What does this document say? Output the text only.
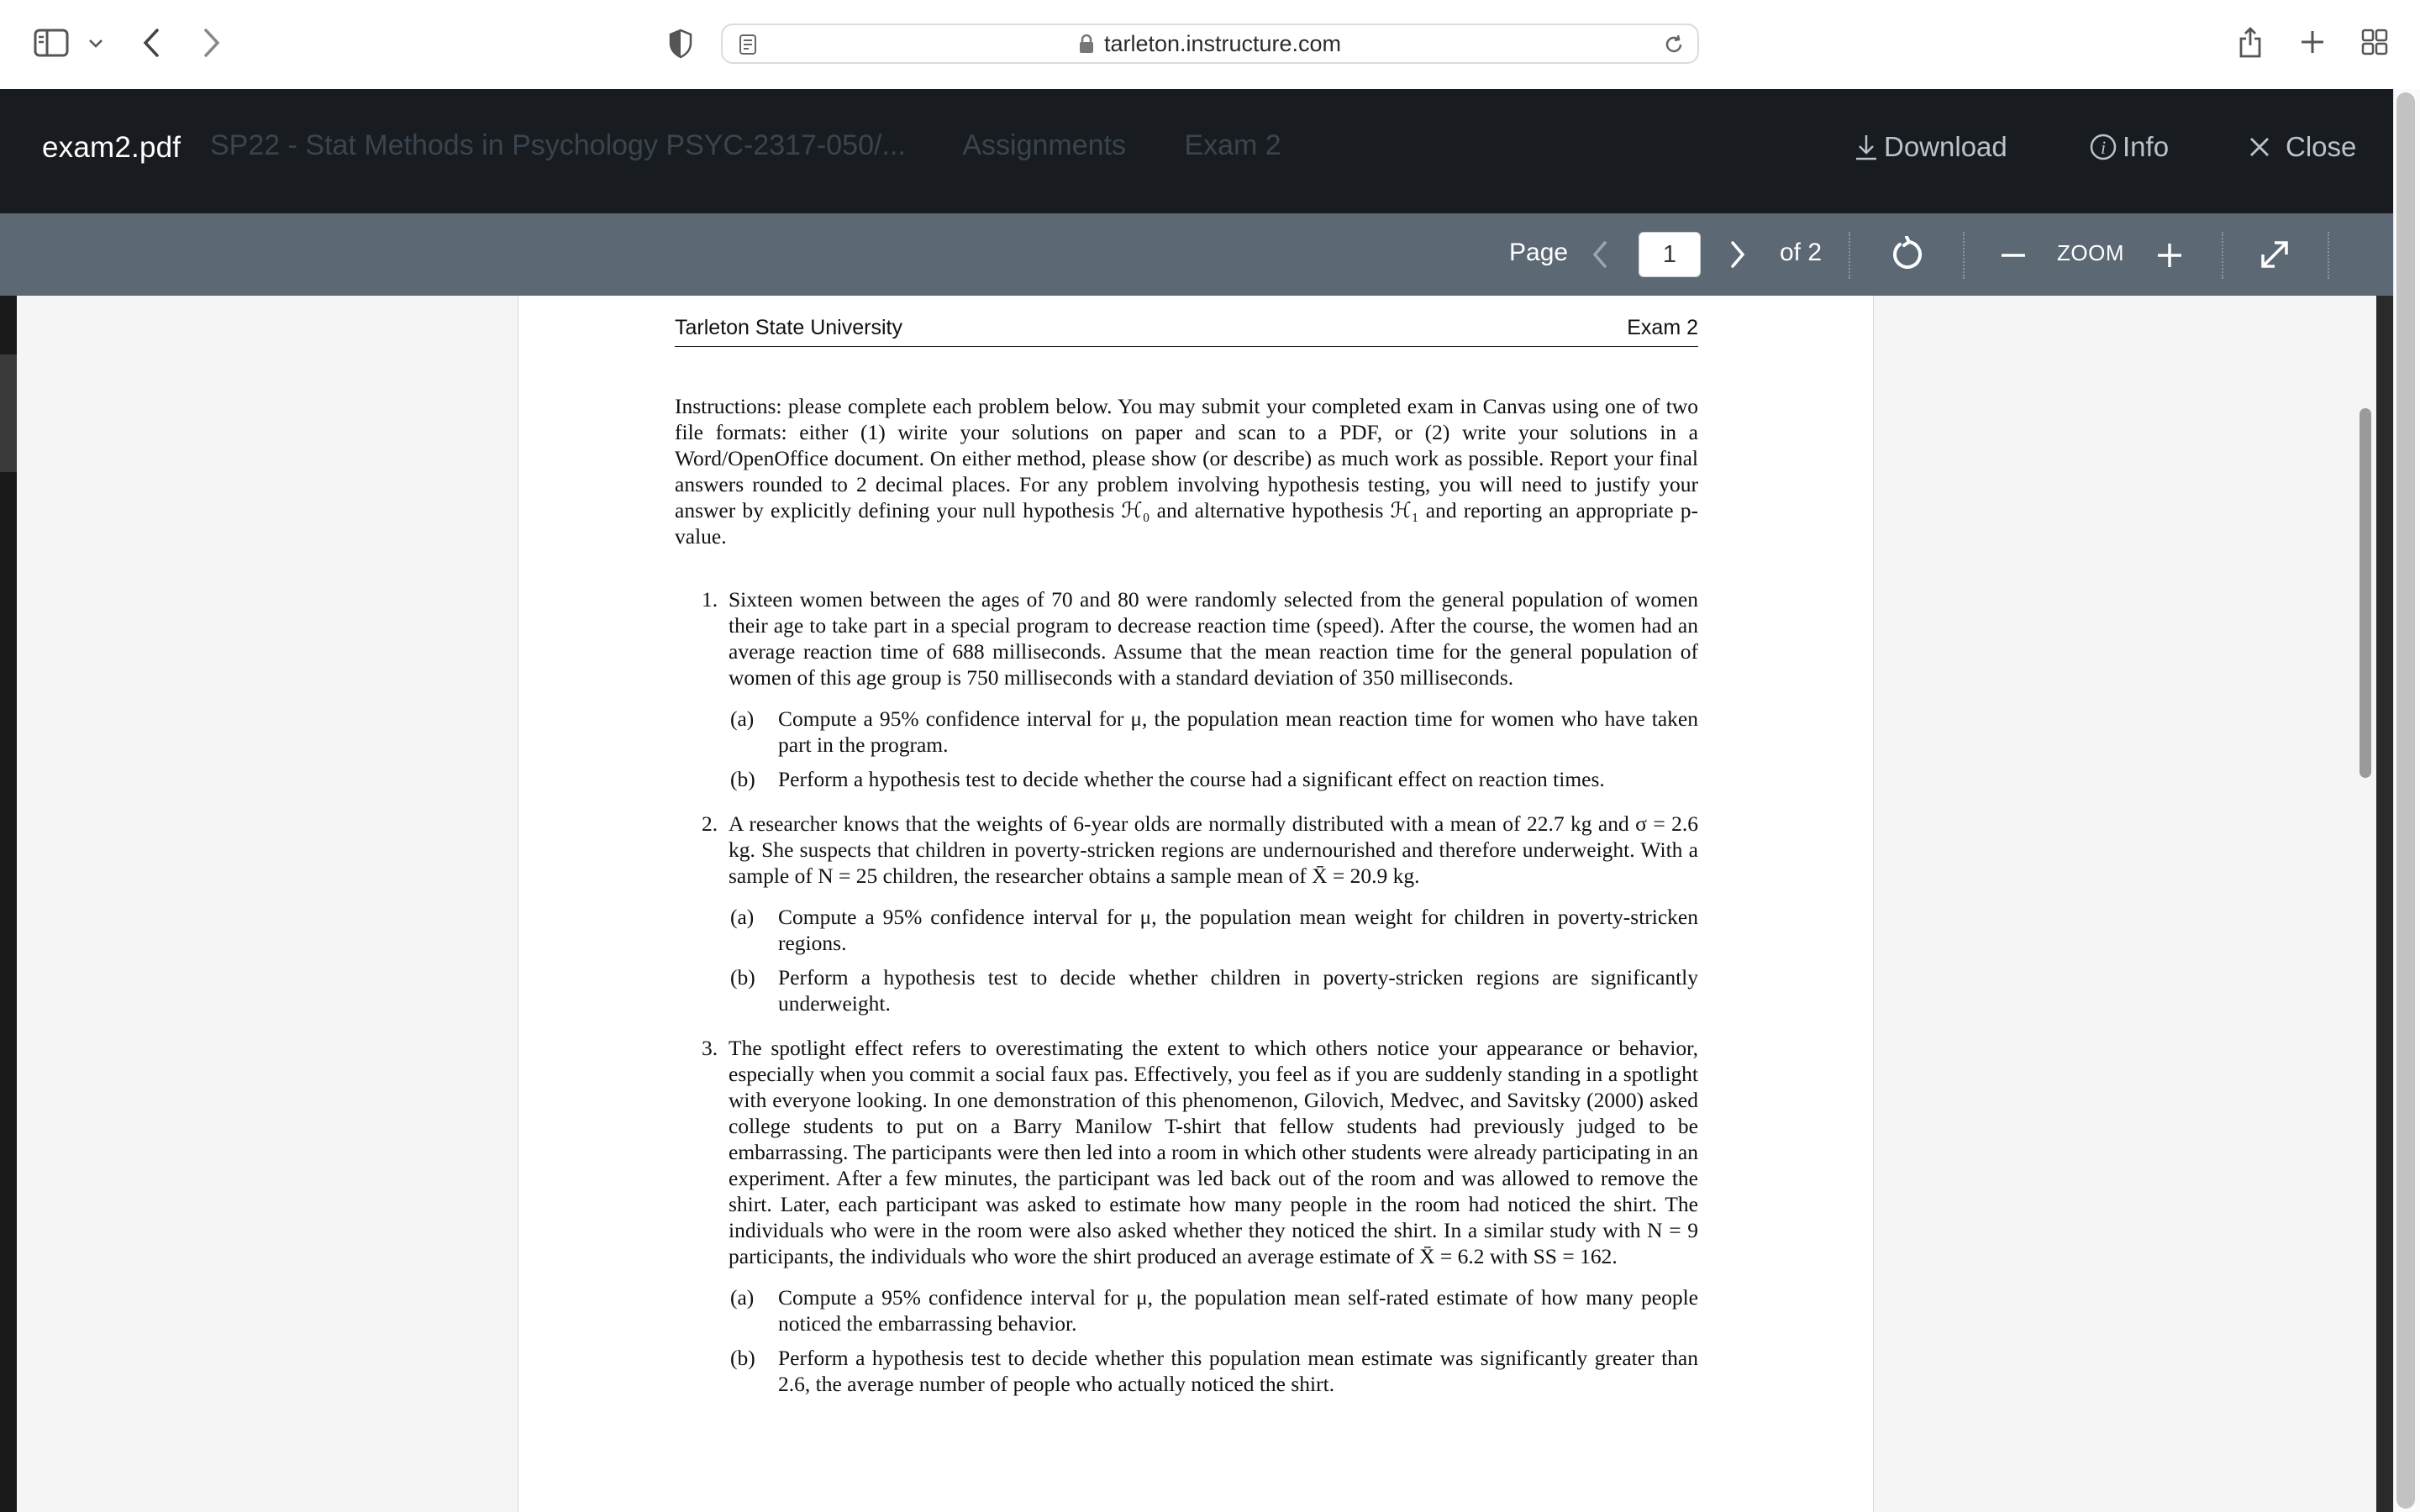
tarleton.instructure.com
SP22 - Stat Methods in Psychology PSYC-2317-050/... Assignments Exam 2
exam2.pdf	Download	i Info	Close
Page
1	of 2	ZOOM
Tarleton State University	Exam 2

Instructions: please complete each problem below. You may submit your completed exam in Canvas using one of two file formats: either (1) wirite your solutions on paper and scan to a PDF, or (2) write your solutions in a Word/OpenOffice document. On either method, please show (or describe) as much work as possible. Report your final answers rounded to 2 decimal places. For any problem involving hypothesis testing, you will need to justify your answer by explicitly defining your null hypothesis ℋ₀ and alternative hypothesis ℋ₁ and reporting an appropriate p-value.

1. Sixteen women between the ages of 70 and 80 were randomly selected from the general population of women their age to take part in a special program to decrease reaction time (speed). After the course, the women had an average reaction time of 688 milliseconds. Assume that the mean reaction time for the general population of women of this age group is 750 milliseconds with a standard deviation of 350 milliseconds.

(a) Compute a 95% confidence interval for μ, the population mean reaction time for women who have taken part in the program.

(b) Perform a hypothesis test to decide whether the course had a significant effect on reaction times.

2. A researcher knows that the weights of 6-year olds are normally distributed with a mean of 22.7 kg and σ = 2.6 kg. She suspects that children in poverty-stricken regions are undernourished and therefore underweight. With a sample of N = 25 children, the researcher obtains a sample mean of X̄ = 20.9 kg.

(a) Compute a 95% confidence interval for μ, the population mean weight for children in poverty-stricken regions.

(b) Perform a hypothesis test to decide whether children in poverty-stricken regions are significantly underweight.

3. The spotlight effect refers to overestimating the extent to which others notice your appearance or behavior, especially when you commit a social faux pas. Effectively, you feel as if you are suddenly standing in a spotlight with everyone looking. In one demonstration of this phenomenon, Gilovich, Medvec, and Savitsky (2000) asked college students to put on a Barry Manilow T-shirt that fellow students had previously judged to be embarrassing. The participants were then led into a room in which other students were already participating in an experiment. After a few minutes, the participant was led back out of the room and was allowed to remove the shirt. Later, each participant was asked to estimate how many people in the room had noticed the shirt. The individuals who were in the room were also asked whether they noticed the shirt. In a similar study with N = 9 participants, the individuals who wore the shirt produced an average estimate of X̄ = 6.2 with SS = 162.

(a) Compute a 95% confidence interval for μ, the population mean self-rated estimate of how many people noticed the embarrassing behavior.

(b) Perform a hypothesis test to decide whether this population mean estimate was significantly greater than 2.6, the average number of people who actually noticed the shirt.
